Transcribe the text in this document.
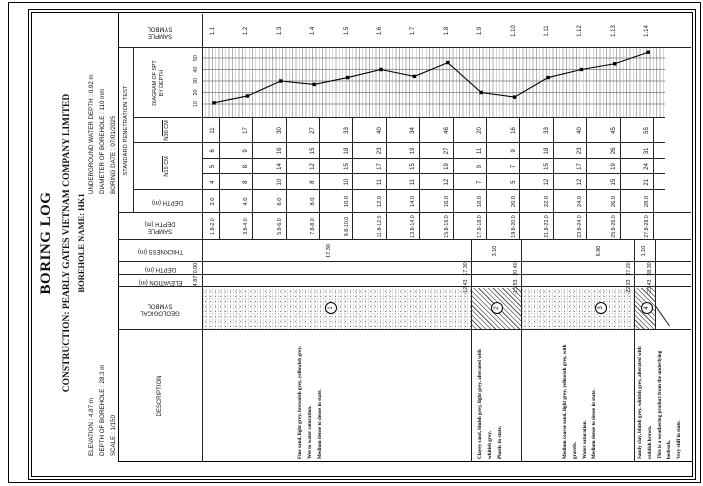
BORING LOG CONSTRUCTION: PEARLY GATES VIETNAM COMPANY LIMITED BOREHOLE NAME: HK1
ELEVATION : 4.87 m DEPTH OF BOREHOLE : 28.3 m SCALE : 1/150
UNDERGROUND WATER DEPTH : 0.92 m DIAMETER OF BOREHOLE : 110 mm BORING DATE : 07/01/2025
DESCRIPTION
GEOLOGICAL
SYMBOL
ELEVATION (m)
DEPTH (m)
THICKNESS (m)
SAMPLE
DEPTH (m)
STANDARD PENETRATION TEST
DEPTH (m)
N15 CM
N30 CM
DIAGRAM OF SPT
BY DEPTH
SAMPLE
SYMBOL
4.87
0.00
10
20
30
40
50
1.1
11
4
5
6
2.0
1.8-2.0
1.2
17
8
8
9
4.0
3.8-4.0
1.3
30
10
14
16
6.0
5.8-6.0
1.4
27
8
12
15
8.0
7.8-8.0
1.5
33
10
15
18
10.0
9.8-10.0
1.6
40
11
17
23
12.0
11.8-12.0
1.7
34
11
15
19
14.0
13.8-14.0
1.8
46
12
19
27
16.0
15.8-16.0
1.9
20
7
9
11
18.0
17.8-18.0
1.10
16
5
7
9
20.0
19.8-20.0
1.11
33
12
15
18
22.0
21.8-22.0
1.12
40
12
17
23
24.0
23.8-24.0
1.13
45
15
19
26
26.0
25.8-26.0
1.14
55
21
24
31
28.0
27.8-28.0
1
17.30
17.30
-12.43
Fine sand, light grey, brownish grey, yellowish grey. Wet to water saturation. Medium dense to dense in state.
2
3.10
20.40
-15.53
Clayey sand, bluish grey, light grey, alterated with whitish grey. Plastic in state.
3
6.80
27.20
-22.33
Medium coarse sand, light grey, yellowish grey, with gravels. Water saturation. Medium dense to dense in state.
4
1.10
28.30
-23.43
Sandy clay, bluish grey, whitish grey, alterated with reddish brown. This is a weathering product from the underlying bedrock. Very stiff in state.
